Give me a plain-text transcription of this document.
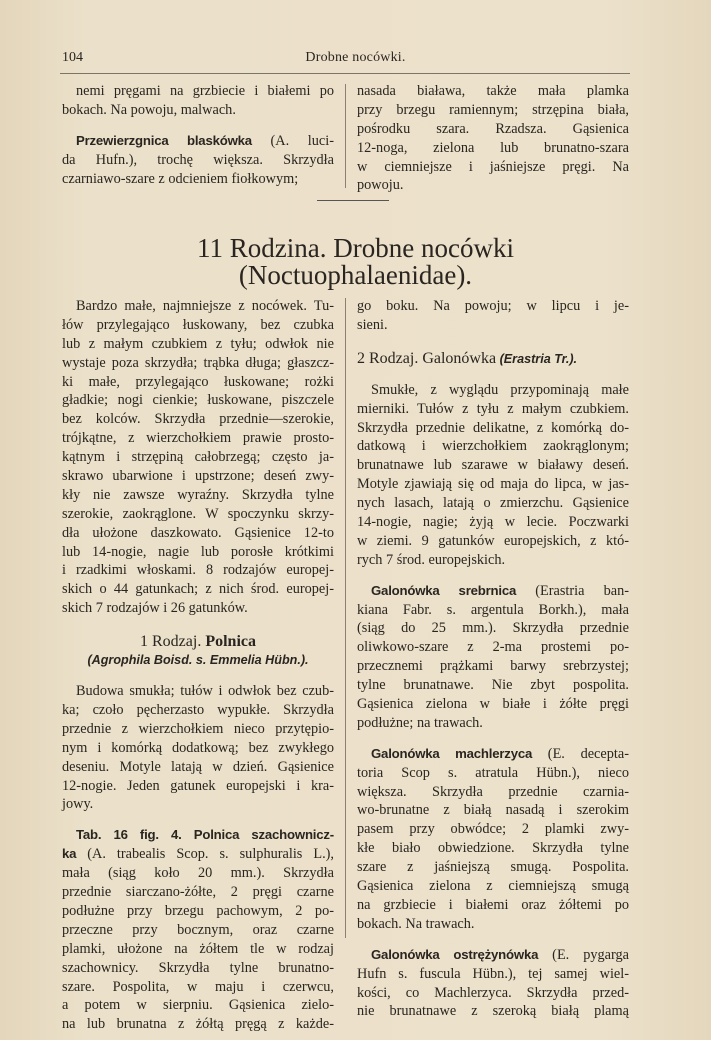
104	Drobne nocówki.
nemi pręgami na grzbiecie i białemi po
bokach. Na powoju, malwach.
Przewierzgnica blaskówka (A. luci-
da Hufn.), trochę większa. Skrzydła
czarniawo-szare z odcieniem fiołkowym;
nasada biaława, także mała plamka
przy brzegu ramiennym; strzępina biała,
pośrodku szara. Rzadsza. Gąsienica
12-noga, zielona lub brunatno-szara
w ciemniejsze i jaśniejsze pręgi. Na
powoju.
11 Rodzina. Drobne nocówki
(Noctuophalaenidae).
Bardzo małe, najmniejsze z nocówek. Tu-
łów przylegająco łuskowany, bez czubka
lub z małym czubkiem z tyłu; odwłok nie
wystaje poza skrzydła; trąbka długa; głaszcz-
ki małe, przylegająco łuskowane; rożki
gładkie; nogi cienkie; łuskowane, piszczele
bez kolców. Skrzydła przednie—szerokie,
trójkątne, z wierzchołkiem prawie prosto-
kątnym i strzępiną całobrzegą; często ja-
skrawo ubarwione i upstrzone; deseń zwy-
kły nie zawsze wyraźny. Skrzydła tylne
szerokie, zaokrąglone. W spoczynku skrzy-
dła ułożone daszkowato. Gąsienice 12-to
lub 14-nogie, nagie lub porosłe krótkimi
i rzadkimi włoskami. 8 rodzajów europej-
skich o 44 gatunkach; z nich środ. europej-
skich 7 rodzajów i 26 gatunków.
1 Rodzaj. Polnica
(Agrophila Boisd. s. Emmelia Hübn.).
Budowa smukła; tułów i odwłok bez czub-
ka; czoło pęcherzasto wypukłe. Skrzydła
przednie z wierzchołkiem nieco przytępio-
nym i komórką dodatkową; bez zwykłego
deseniu. Motyle latają w dzień. Gąsienice
12-nogie. Jeden gatunek europejski i kra-
jowy.
Tab. 16 fig. 4. Polnica szachownicz-
ka (A. trabealis Scop. s. sulphuralis L.),
mała (siąg koło 20 mm.). Skrzydła
przednie siarczano-żółte, 2 pręgi czarne
podłużne przy brzegu pachowym, 2 po-
przeczne przy bocznym, oraz czarne
plamki, ułożone na żółtem tle w rodzaj
szachownicy. Skrzydła tylne brunatno-
szare. Pospolita, w maju i czerwcu,
a potem w sierpniu. Gąsienica zielo-
na lub brunatna z żółtą pręgą z każde-
go boku. Na powoju; w lipcu i je-
sieni.
2 Rodzaj. Galonówka (Erastria Tr.).
Smukłe, z wyglądu przypominają małe
mierniki. Tułów z tyłu z małym czubkiem.
Skrzydła przednie delikatne, z komórką do-
datkową i wierzchołkiem zaokrąglonym;
brunatnawe lub szarawe w białawy deseń.
Motyle zjawiają się od maja do lipca, w jas-
nych lasach, latają o zmierzchu. Gąsienice
14-nogie, nagie; żyją w lecie. Poczwarki
w ziemi. 9 gatunków europejskich, z któ-
rych 7 środ. europejskich.
Galonówka srebrnica (Erastria ban-
kiana Fabr. s. argentula Borkh.), mała
(siąg do 25 mm.). Skrzydła przednie
oliwkowo-szare z 2-ma prostemi po-
przecznemi prążkami barwy srebrzystej;
tylne brunatnawe. Nie zbyt pospolita.
Gąsienica zielona w białe i żółte pręgi
podłużne; na trawach.
Galonówka machlerzyca (E. decepta-
toria Scop s. atratula Hübn.), nieco
większa. Skrzydła przednie czarnia-
wo-brunatne z białą nasadą i szerokim
pasem przy obwódce; 2 plamki zwy-
kłe biało obwiedzione. Skrzydła tylne
szare z jaśniejszą smugą. Pospolita.
Gąsienica zielona z ciemniejszą smugą
na grzbiecie i białemi oraz żółtemi po
bokach. Na trawach.
Galonówka ostrężynówka (E. pygarga
Hufn s. fuscula Hübn.), tej samej wiel-
kości, co Machlerzyca. Skrzydła przed-
nie brunatnawe z szeroką białą plamą
